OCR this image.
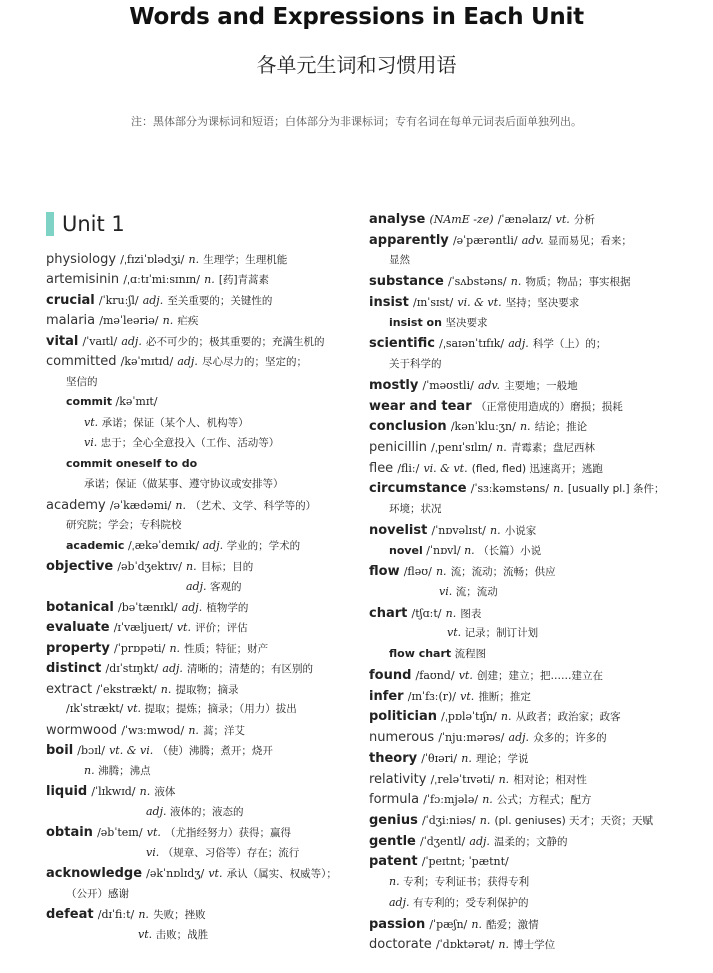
Words and Expressions in Each Unit
各单元生词和习惯用语
注：黑体部分为课标词和短语；白体部分为非课标词；专有名词在每单元词表后面单独列出。
Unit 1
physiology /ˌfɪziˈɒlədʒi/ n. 生理学；生理机能
artemisinin /ˌɑːtɪˈmiːsɪnɪn/ n. [药]青蒿素
crucial /ˈkruːʃl/ adj. 至关重要的；关键性的
malaria /məˈleəriə/ n. 疟疾
vital /ˈvaɪtl/ adj. 必不可少的；极其重要的；充满生机的
committed /kəˈmɪtɪd/ adj. 尽心尽力的；坚定的；
坚信的
commit /kəˈmɪt/
vt. 承诺；保证（某个人、机构等）
vi. 忠于；全心全意投入（工作、活动等）
commit oneself to do
承诺；保证（做某事、遵守协议或安排等）
academy /əˈkædəmi/ n. （艺术、文学、科学等的）
研究院；学会；专科院校
academic /ˌækəˈdemɪk/ adj. 学业的；学术的
objective /əbˈdʒektɪv/ n. 目标；目的
adj. 客观的
botanical /bəˈtænɪkl/ adj. 植物学的
evaluate /ɪˈvæljueɪt/ vt. 评价；评估
property /ˈprɒpəti/ n. 性质；特征；财产
distinct /dɪˈstɪŋkt/ adj. 清晰的；清楚的；有区别的
extract /ˈekstrækt/ n. 提取物；摘录
/ɪkˈstrækt/ vt. 提取；提炼；摘录；（用力）拔出
wormwood /ˈwɜːmwʊd/ n. 蒿；洋艾
boil /bɔɪl/ vt. & vi. （使）沸腾；煮开；烧开
n. 沸腾；沸点
liquid /ˈlɪkwɪd/ n. 液体
adj. 液体的；液态的
obtain /əbˈteɪn/ vt. （尤指经努力）获得；赢得
vi. （规章、习俗等）存在；流行
acknowledge /əkˈnɒlɪdʒ/ vt. 承认（属实、权威等）；
（公开）感谢
defeat /dɪˈfiːt/ n. 失败；挫败
vt. 击败；战胜
analyse (NAmE -ze) /ˈænəlaɪz/ vt. 分析
apparently /əˈpærəntli/ adv. 显而易见；看来；
显然
substance /ˈsʌbstəns/ n. 物质；物品；事实根据
insist /ɪnˈsɪst/ vi. & vt. 坚持；坚决要求
insist on 坚决要求
scientific /ˌsaɪənˈtɪfɪk/ adj. 科学（上）的；
关于科学的
mostly /ˈməʊstli/ adv. 主要地；一般地
wear and tear （正常使用造成的）磨损；损耗
conclusion /kənˈkluːʒn/ n. 结论；推论
penicillin /ˌpenɪˈsɪlɪn/ n. 青霉素；盘尼西林
flee /fliː/ vi. & vt. (fled, fled) 迅速离开；逃跑
circumstance /ˈsɜːkəmstəns/ n. [usually pl.] 条件；
环境；状况
novelist /ˈnɒvəlɪst/ n. 小说家
novel /ˈnɒvl/ n. （长篇）小说
flow /fləʊ/ n. 流；流动；流畅；供应
vi. 流；流动
chart /tʃɑːt/ n. 图表
vt. 记录；制订计划
flow chart 流程图
found /faʊnd/ vt. 创建；建立；把……建立在
infer /ɪnˈfɜː(r)/ vt. 推断；推定
politician /ˌpɒləˈtɪʃn/ n. 从政者；政治家；政客
numerous /ˈnjuːmərəs/ adj. 众多的；许多的
theory /ˈθɪəri/ n. 理论；学说
relativity /ˌreləˈtɪvəti/ n. 相对论；相对性
formula /ˈfɔːmjələ/ n. 公式；方程式；配方
genius /ˈdʒiːniəs/ n. (pl. geniuses) 天才；天资；天赋
gentle /ˈdʒentl/ adj. 温柔的；文静的
patent /ˈpeɪtnt; ˈpætnt/
n. 专利；专利证书；获得专利
adj. 有专利的；受专利保护的
passion /ˈpæʃn/ n. 酷爱；激情
doctorate /ˈdɒktərət/ n. 博士学位
